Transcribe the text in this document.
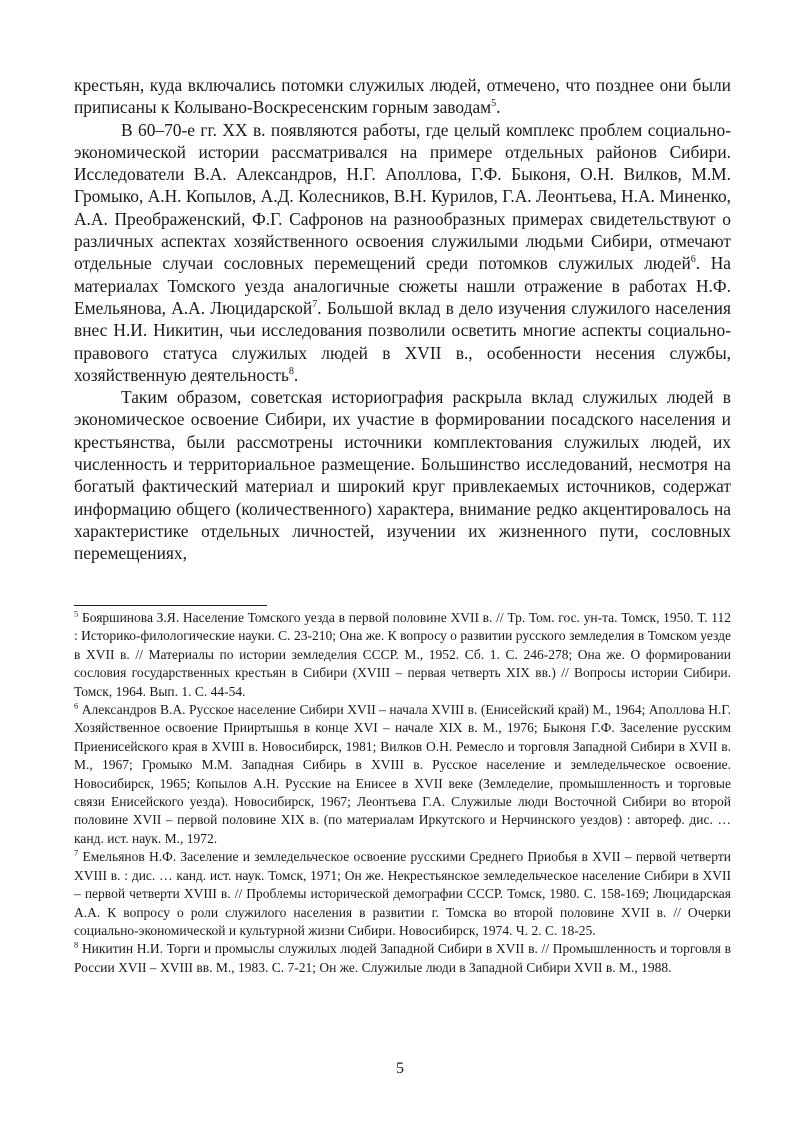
крестьян, куда включались потомки служилых людей, отмечено, что позднее они были приписаны к Колывано-Воскресенским горным заводам$^5$.

В 60–70-е гг. XX в. появляются работы, где целый комплекс проблем социально-экономической истории рассматривался на примере отдельных районов Сибири. Исследователи В.А. Александров, Н.Г. Аполлова, Г.Ф. Быконя, О.Н. Вилков, М.М. Громыко, А.Н. Копылов, А.Д. Колесников, В.Н. Курилов, Г.А. Леонтьева, Н.А. Миненко, А.А. Преображенский, Ф.Г. Сафронов на разнообразных примерах свидетельствуют о различных аспектах хозяйственного освоения служилыми людьми Сибири, отмечают отдельные случаи сословных перемещений среди потомков служилых людей$^6$. На материалах Томского уезда аналогичные сюжеты нашли отражение в работах Н.Ф. Емельянова, А.А. Люцидарской$^7$. Большой вклад в дело изучения служилого населения внес Н.И. Никитин, чьи исследования позволили осветить многие аспекты социально-правового статуса служилых людей в XVII в., особенности несения службы, хозяйственную деятельность$^8$.

Таким образом, советская историография раскрыла вклад служилых людей в экономическое освоение Сибири, их участие в формировании посадского населения и крестьянства, были рассмотрены источники комплектования служилых людей, их численность и территориальное размещение. Большинство исследований, несмотря на богатый фактический материал и широкий круг привлекаемых источников, содержат информацию общего (количественного) характера, внимание редко акцентировалось на характеристике отдельных личностей, изучении их жизненного пути, сословных перемещениях,

$^5$ Бояршинова З.Я. Население Томского уезда в первой половине XVII в. // Тр. Том. гос. ун-та. Томск, 1950. Т. 112 : Историко-филологические науки. С. 23-210; Она же. К вопросу о развитии русского земледелия в Томском уезде в XVII в. // Материалы по истории земледелия СССР. М., 1952. Сб. 1. С. 246-278; Она же. О формировании сословия государственных крестьян в Сибири (XVIII – первая четверть XIX вв.) // Вопросы истории Сибири. Томск, 1964. Вып. 1. С. 44-54.

$^6$ Александров В.А. Русское население Сибири XVII – начала XVIII в. (Енисейский край) М., 1964; Аполлова Н.Г. Хозяйственное освоение Прииртышья в конце XVI – начале XIX в. М., 1976; Быконя Г.Ф. Заселение русским Приенисейского края в XVIII в. Новосибирск, 1981; Вилков О.Н. Ремесло и торговля Западной Сибири в XVII в. М., 1967; Громыко М.М. Западная Сибирь в XVIII в. Русское население и земледельческое освоение. Новосибирск, 1965; Копылов А.Н. Русские на Енисее в XVII веке (Земледелие, промышленность и торговые связи Енисейского уезда). Новосибирск, 1967; Леонтьева Г.А. Служилые люди Восточной Сибири во второй половине XVII – первой половине XIX в. (по материалам Иркутского и Нерчинского уездов) : автореф. дис. … канд. ист. наук. М., 1972.

$^7$ Емельянов Н.Ф. Заселение и земледельческое освоение русскими Среднего Приобья в XVII – первой четверти XVIII в. : дис. … канд. ист. наук. Томск, 1971; Он же. Некрестьянское земледельческое население Сибири в XVII – первой четверти XVIII в. // Проблемы исторической демографии СССР. Томск, 1980. С. 158-169; Люцидарская А.А. К вопросу о роли служилого населения в развитии г. Томска во второй половине XVII в. // Очерки социально-экономической и культурной жизни Сибири. Новосибирск, 1974. Ч. 2. С. 18-25.

$^8$ Никитин Н.И. Торги и промыслы служилых людей Западной Сибири в XVII в. // Промышленность и торговля в России XVII – XVIII вв. М., 1983. С. 7-21; Он же. Служилые люди в Западной Сибири XVII в. М., 1988.

5
